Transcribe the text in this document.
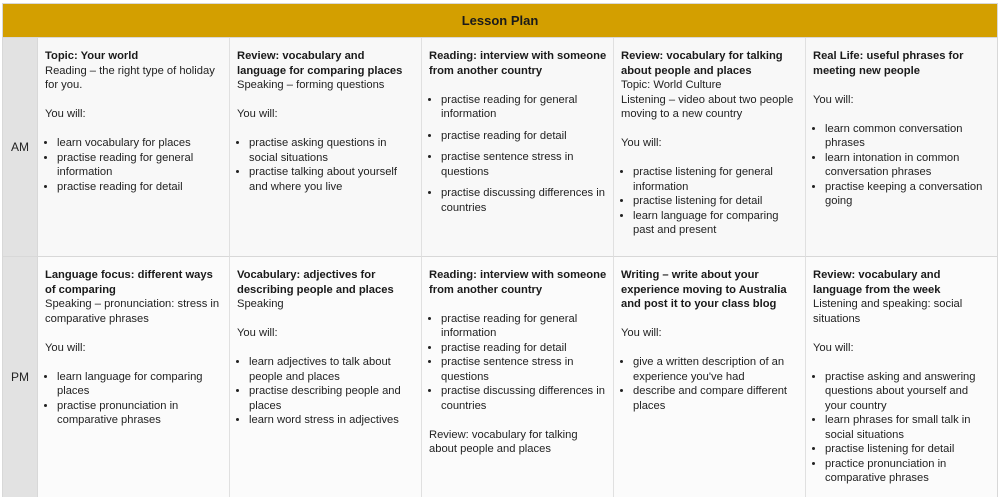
Lesson Plan
AM

Topic: Your world

Reading – the right type of holiday for you.

You will:

• learn vocabulary for places
• practise reading for general information
• practise reading for detail

Review: vocabulary and language for comparing places

Speaking – forming questions

You will:

• practise asking questions in social situations
• practise talking about yourself and where you live

Reading: interview with someone from another country

• practise reading for general information
• practise reading for detail
• practise sentence stress in questions
• practise discussing differences in countries

Review: vocabulary for talking about people and places

Topic: World Culture

Listening – video about two people moving to a new country

You will:

• practise listening for general information
• practise listening for detail
• learn language for comparing past and present

Real Life: useful phrases for meeting new people

You will:

• learn common conversation phrases
• learn intonation in common conversation phrases
• practise keeping a conversation going
PM

Language focus: different ways of comparing

Speaking – pronunciation: stress in comparative phrases

You will:

• learn language for comparing places
• practise pronunciation in comparative phrases

Vocabulary: adjectives for describing people and places

Speaking

You will:

• learn adjectives to talk about people and places
• practise describing people and places
• learn word stress in adjectives

Reading: interview with someone from another country

• practise reading for general information
• practise reading for detail
• practise sentence stress in questions
• practise discussing differences in countries

Review: vocabulary for talking about people and places

Writing – write about your experience moving to Australia and post it to your class blog

You will:

• give a written description of an experience you've had
• describe and compare different places

Review: vocabulary and language from the week

Listening and speaking: social situations

You will:

• practise asking and answering questions about yourself and your country
• learn phrases for small talk in social situations
• practise listening for detail
• practice pronunciation in comparative phrases
